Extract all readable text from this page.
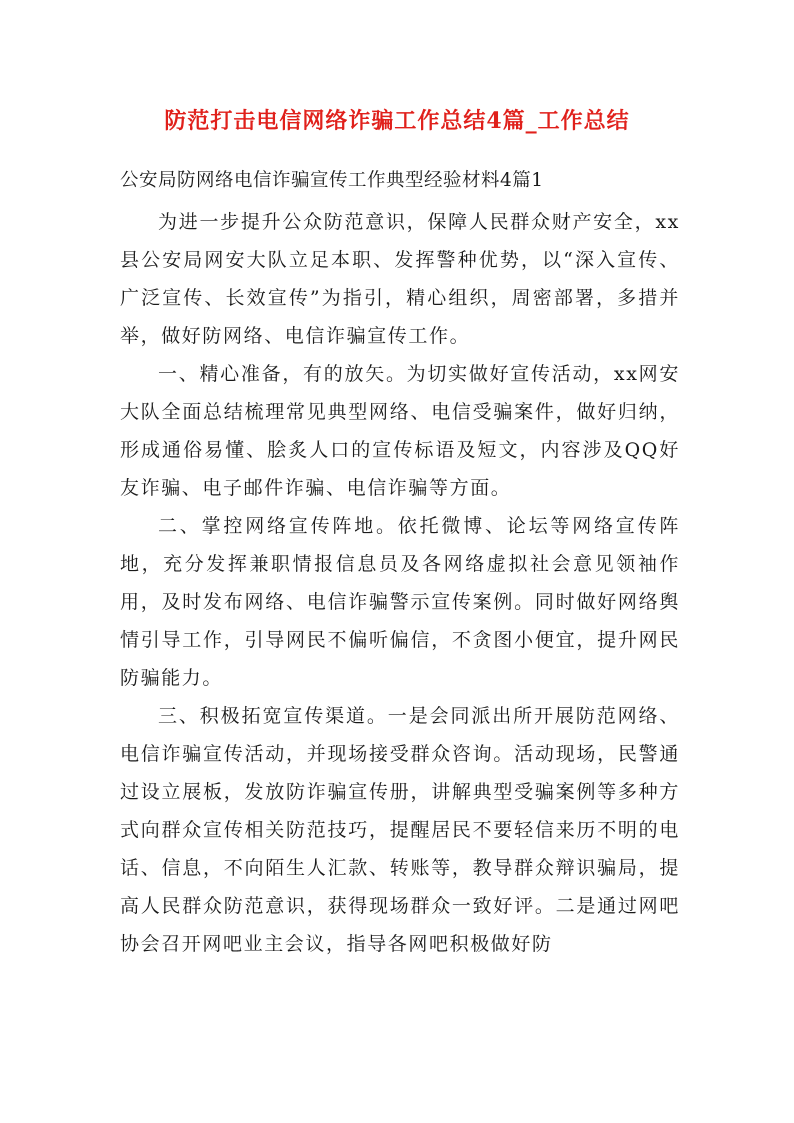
防范打击电信网络诈骗工作总结4篇_工作总结
公安局防网络电信诈骗宣传工作典型经验材料4篇1

为进一步提升公众防范意识，保障人民群众财产安全，xx县公安局网安大队立足本职、发挥警种优势，以“深入宣传、广泛宣传、长效宣传”为指引，精心组织，周密部署，多措并举，做好防网络、电信诈骗宣传工作。

一、精心准备，有的放矢。为切实做好宣传活动，xx网安大队全面总结梳理常见典型网络、电信受骗案件，做好归纳，形成通俗易懂、脍炙人口的宣传标语及短文，内容涉及QQ好友诈骗、电子邮件诈骗、电信诈骗等方面。

二、掌控网络宣传阵地。依托微博、论坛等网络宣传阵地，充分发挥兼职情报信息员及各网络虚拟社会意见领袖作用，及时发布网络、电信诈骗警示宣传案例。同时做好网络舆情引导工作，引导网民不偏听偏信，不贪图小便宜，提升网民防骗能力。

三、积极拓宽宣传渠道。一是会同派出所开展防范网络、电信诈骗宣传活动，并现场接受群众咨询。活动现场，民警通过设立展板，发放防诈骗宣传册，讲解典型受骗案例等多种方式向群众宣传相关防范技巧，提醒居民不要轻信来历不明的电话、信息，不向陌生人汇款、转账等，教导群众辩识骗局，提高人民群众防范意识，获得现场群众一致好评。二是通过网吧协会召开网吧业主会议，指导各网吧积极做好防
